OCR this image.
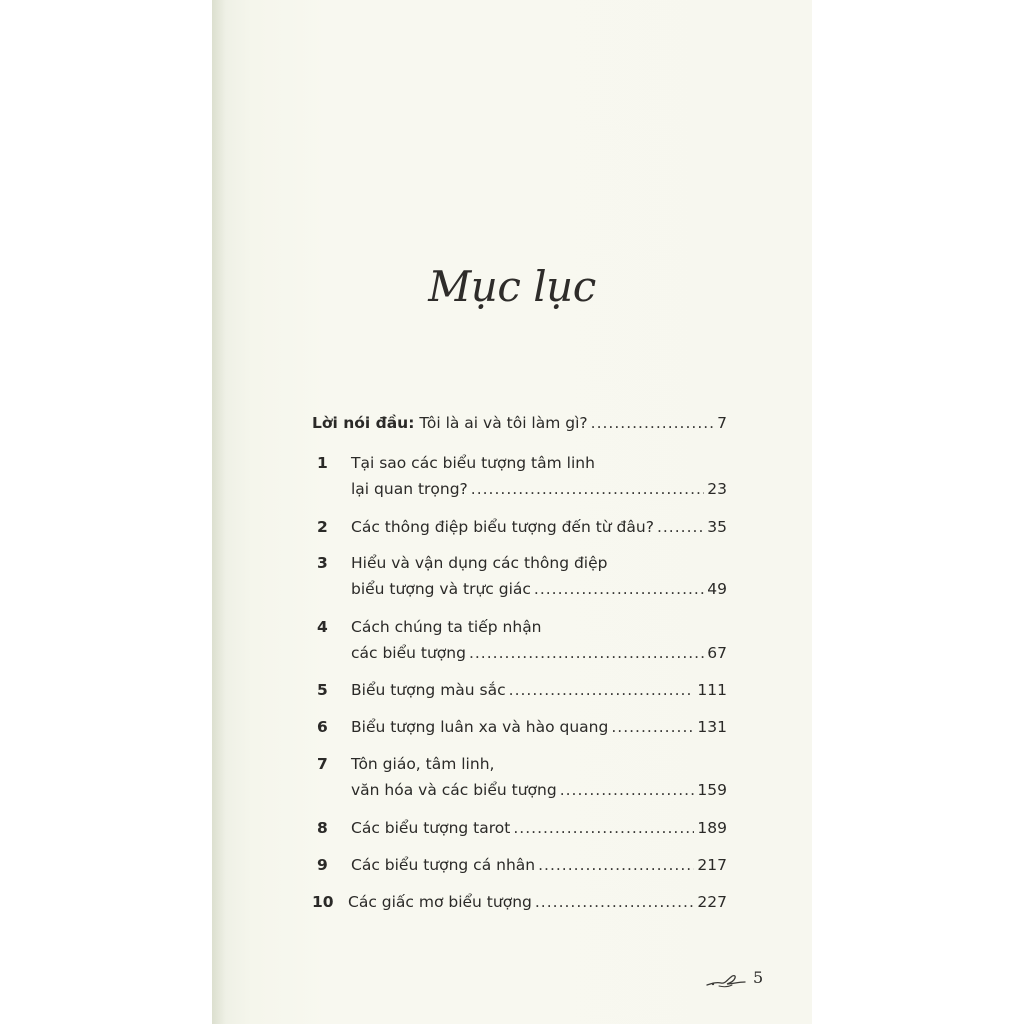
Mục lục
Lời nói đầu: Tôi là ai và tôi làm gì? .....	7
1	Tại sao các biểu tượng tâm linh
lại quan trọng? .....	23
2	Các thông điệp biểu tượng đến từ đâu? .....	35
3	Hiểu và vận dụng các thông điệp
biểu tượng và trực giác .....	49
4	Cách chúng ta tiếp nhận
các biểu tượng .....	67
5	Biểu tượng màu sắc .....	111
6	Biểu tượng luân xa và hào quang .....	131
7	Tôn giáo, tâm linh,
văn hóa và các biểu tượng .....	159
8	Các biểu tượng tarot .....	189
9	Các biểu tượng cá nhân .....	217
10 Các giấc mơ biểu tượng .....	227
5
